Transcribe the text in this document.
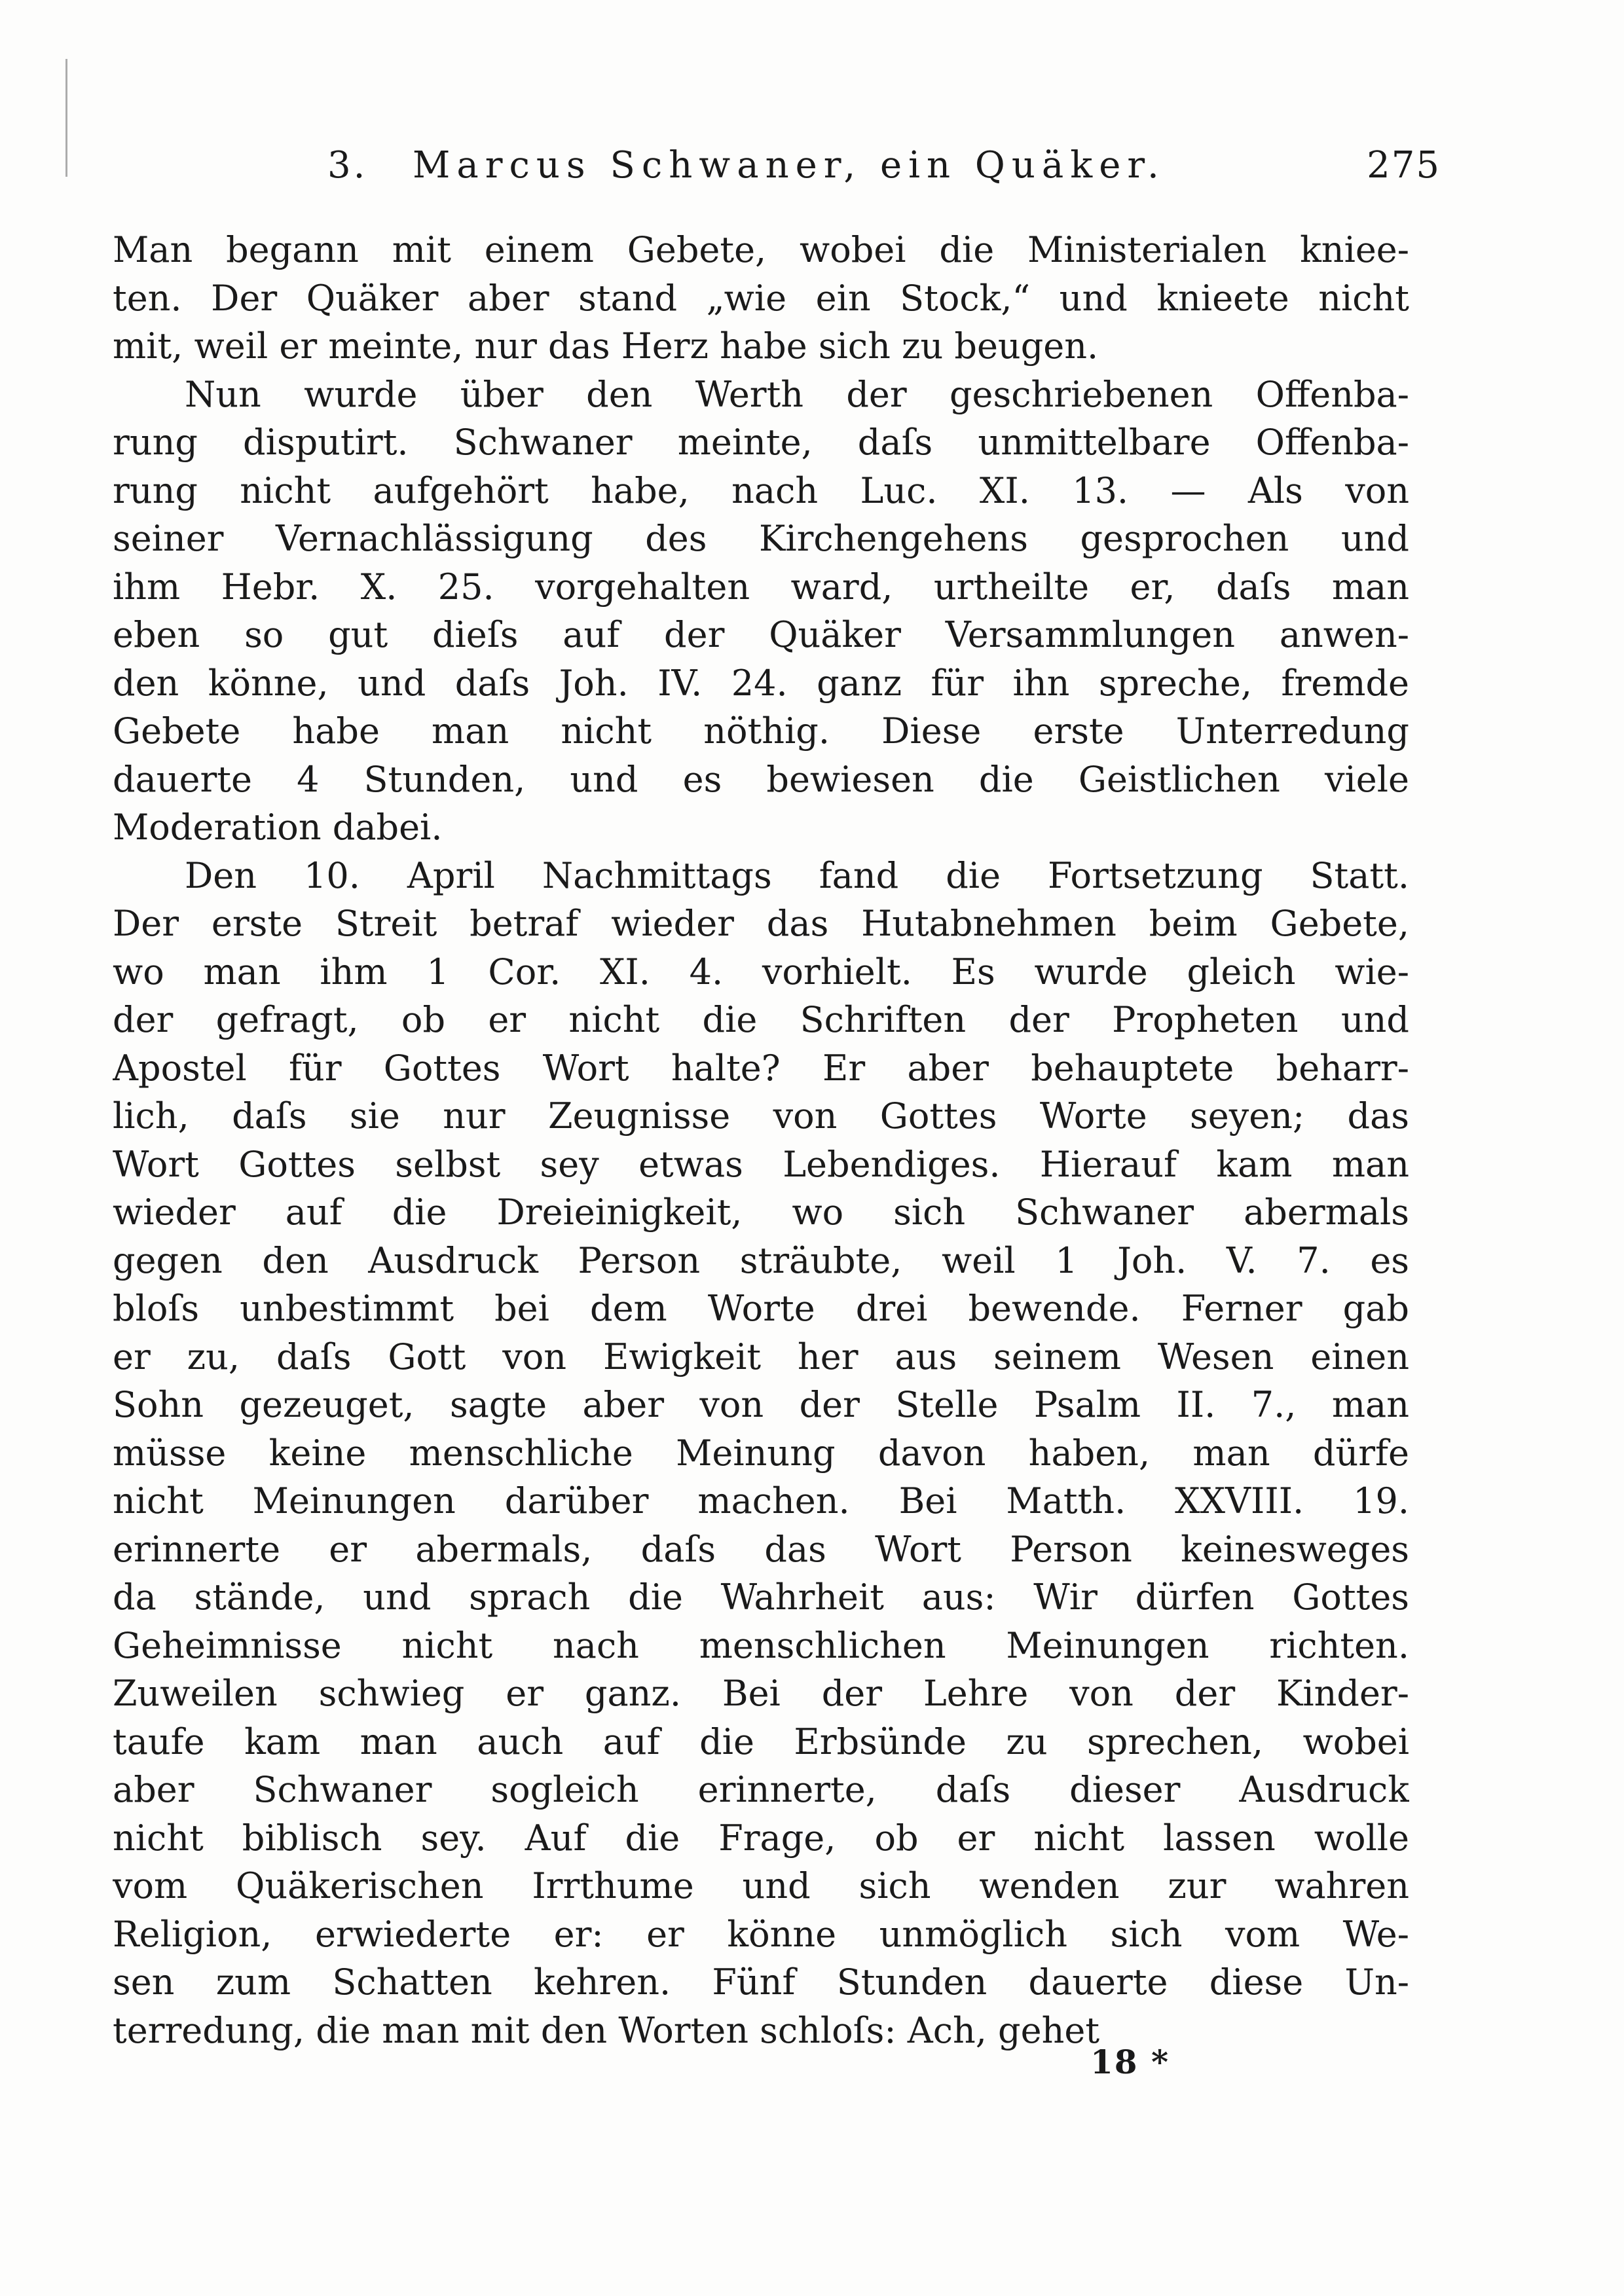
3. Marcus Schwaner, ein Quäker.	275
Man begann mit einem Gebete, wobei die Ministerialen kniee-
ten. Der Quäker aber stand „wie ein Stock,“ und knieete nicht
mit, weil er meinte, nur das Herz habe sich zu beugen.
Nun wurde über den Werth der geschriebenen Offenba-
rung disputirt. Schwaner meinte, daſs unmittelbare Offenba-
rung nicht aufgehört habe, nach Luc. XI. 13. — Als von
seiner Vernachlässigung des Kirchengehens gesprochen und
ihm Hebr. X. 25. vorgehalten ward, urtheilte er, daſs man
eben so gut dieſs auf der Quäker Versammlungen anwen-
den könne, und daſs Joh. IV. 24. ganz für ihn spreche, fremde
Gebete habe man nicht nöthig. Diese erste Unterredung
dauerte 4 Stunden, und es bewiesen die Geistlichen viele
Moderation dabei.
Den 10. April Nachmittags fand die Fortsetzung Statt.
Der erste Streit betraf wieder das Hutabnehmen beim Gebete,
wo man ihm 1 Cor. XI. 4. vorhielt. Es wurde gleich wie-
der gefragt, ob er nicht die Schriften der Propheten und
Apostel für Gottes Wort halte? Er aber behauptete beharr-
lich, daſs sie nur Zeugnisse von Gottes Worte seyen; das
Wort Gottes selbst sey etwas Lebendiges. Hierauf kam man
wieder auf die Dreieinigkeit, wo sich Schwaner abermals
gegen den Ausdruck Person sträubte, weil 1 Joh. V. 7. es
bloſs unbestimmt bei dem Worte drei bewende. Ferner gab
er zu, daſs Gott von Ewigkeit her aus seinem Wesen einen
Sohn gezeuget, sagte aber von der Stelle Psalm II. 7., man
müsse keine menschliche Meinung davon haben, man dürfe
nicht Meinungen darüber machen. Bei Matth. XXVIII. 19.
erinnerte er abermals, daſs das Wort Person keinesweges
da stände, und sprach die Wahrheit aus: Wir dürfen Gottes
Geheimnisse nicht nach menschlichen Meinungen richten.
Zuweilen schwieg er ganz. Bei der Lehre von der Kinder-
taufe kam man auch auf die Erbsünde zu sprechen, wobei
aber Schwaner sogleich erinnerte, daſs dieser Ausdruck
nicht biblisch sey. Auf die Frage, ob er nicht lassen wolle
vom Quäkerischen Irrthume und sich wenden zur wahren
Religion, erwiederte er: er könne unmöglich sich vom We-
sen zum Schatten kehren. Fünf Stunden dauerte diese Un-
terredung, die man mit den Worten schloſs: Ach, gehet
18 *
